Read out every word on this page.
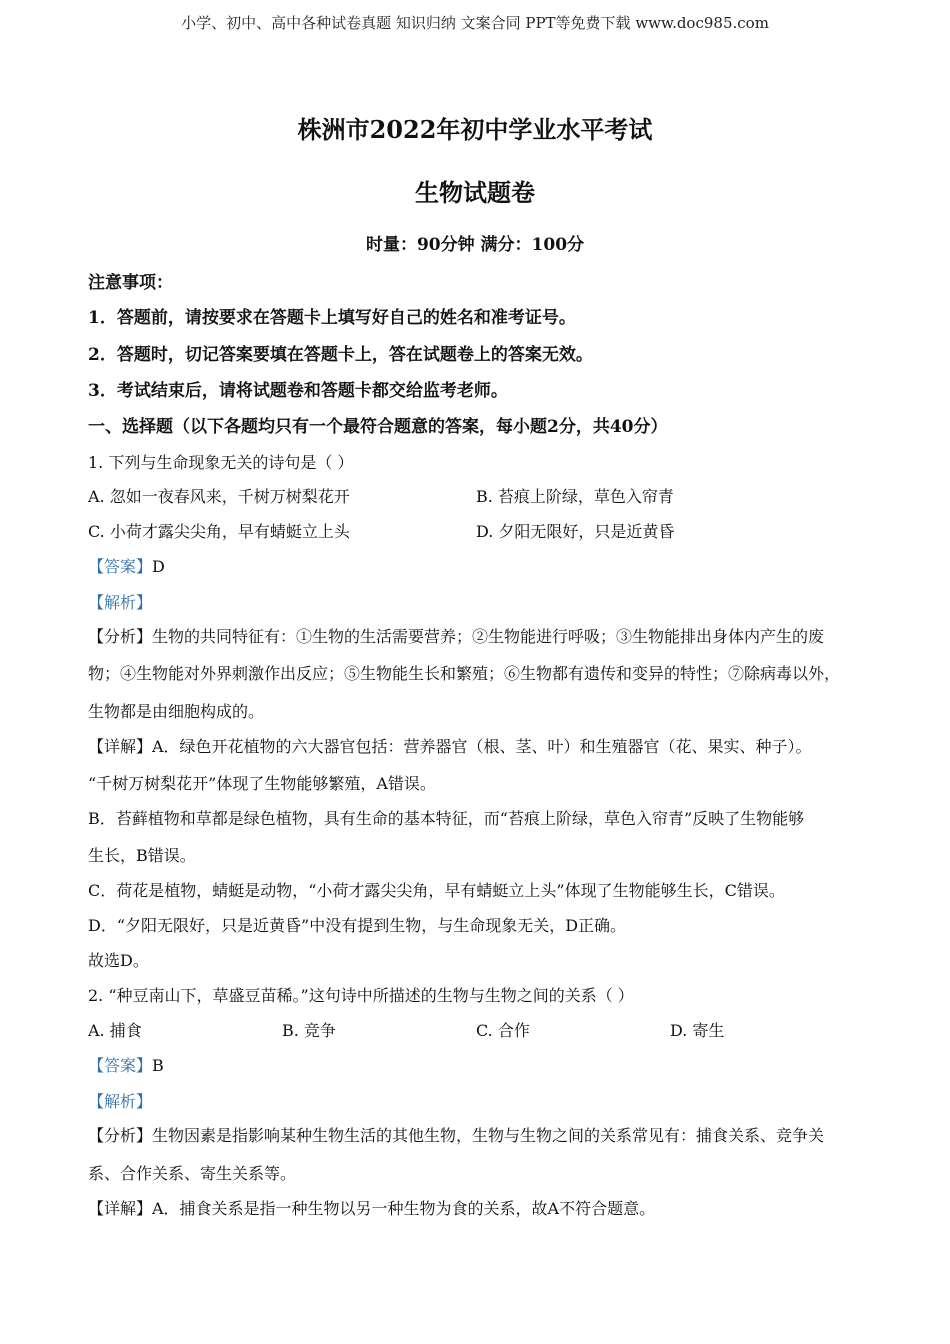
小学、初中、高中各种试卷真题 知识归纳 文案合同 PPT等免费下载 www.doc985.com
株洲市2022年初中学业水平考试
生物试题卷
时量：90分钟 满分：100分
注意事项：
1．答题前，请按要求在答题卡上填写好自己的姓名和准考证号。
2．答题时，切记答案要填在答题卡上，答在试题卷上的答案无效。
3．考试结束后，请将试题卷和答题卡都交给监考老师。
一、选择题（以下各题均只有一个最符合题意的答案，每小题2分，共40分）
1. 下列与生命现象无关的诗句是（ ）
A. 忽如一夜春风来，千树万树梨花开	B. 苔痕上阶绿，草色入帘青
C. 小荷才露尖尖角，早有蜻蜓立上头	D. 夕阳无限好，只是近黄昏
【答案】D
【解析】
【分析】生物的共同特征有：①生物的生活需要营养；②生物能进行呼吸；③生物能排出身体内产生的废
物；④生物能对外界刺激作出反应；⑤生物能生长和繁殖；⑥生物都有遗传和变异的特性；⑦除病毒以外，
生物都是由细胞构成的。
【详解】A．绿色开花植物的六大器官包括：营养器官（根、茎、叶）和生殖器官（花、果实、种子）。
“千树万树梨花开”体现了生物能够繁殖，A错误。
B．苔藓植物和草都是绿色植物，具有生命的基本特征，而“苔痕上阶绿，草色入帘青”反映了生物能够
生长，B错误。
C．荷花是植物，蜻蜓是动物，“小荷才露尖尖角，早有蜻蜓立上头”体现了生物能够生长，C错误。
D．“夕阳无限好，只是近黄昏”中没有提到生物，与生命现象无关，D正确。
故选D。
2. “种豆南山下，草盛豆苗稀。”这句诗中所描述的生物与生物之间的关系（ ）
A. 捕食	B. 竞争	C. 合作	D. 寄生
【答案】B
【解析】
【分析】生物因素是指影响某种生物生活的其他生物，生物与生物之间的关系常见有：捕食关系、竞争关
系、合作关系、寄生关系等。
【详解】A．捕食关系是指一种生物以另一种生物为食的关系，故A不符合题意。
